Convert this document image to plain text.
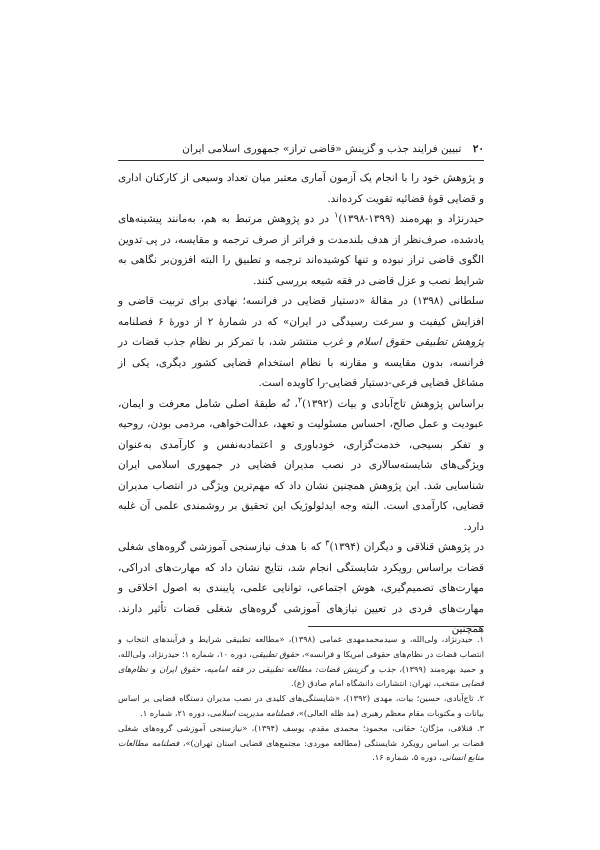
۲۰ تبیین فرایند جذب و گزینش «قاضی تراز» جمهوری اسلامی ایران

و پژوهش خود را با انجام یک آزمون آماری معتبر میان تعداد وسیعی از کارکنان اداری و قضایی قوۀ قضائیه تقویت کرده‌اند.

حیدرنژاد و بهره‌مند (۱۳۹۹-۱۳۹۸)$^۱$ در دو پژوهش مرتبط به هم، به‌مانند پیشینه‌های یادشده، صرف‌نظر از هدف بلندمدت و فراتر از صرف ترجمه و مقایسه، در پی تدوین الگوی قاضی تراز نبوده و تنها کوشیده‌اند ترجمه و تطبیق را البته افزون‌بر نگاهی به شرایط نصب و عزل قاضی در فقه شیعه بررسی کنند.

سلطانی (۱۳۹۸) در مقالۀ «دستیار قضایی در فرانسه؛ نهادی برای تربیت قاضی و افزایش کیفیت و سرعت رسیدگی در ایران» که در شمارۀ ۲ از دورۀ ۶ فصلنامه پژوهش تطبیقی حقوق اسلام و غرب منتشر شد، با تمرکز بر نظام جذب قضات در فرانسه، بدون مقایسه و مقارنه با نظام استخدام قضایی کشور دیگری، یکی از مشاغل قضایی فرعی-دستیار قضایی-را کاویده است.

براساس پژوهش تاج‌آبادی و بیات (۱۳۹۲)$^۲$، نُه طبقۀ اصلی شامل معرفت و ایمان، عبودیت و عمل صالح، احساس مسئولیت و تعهد، عدالت‌خواهی، مردمی بودن، روحیه و تفکر بسیجی، خدمت‌گزاری، خودباوری و اعتمادبه‌نفس و کارآمدی به‌عنوان ویژگی‌های شایسته‌سالاری در نصب مدیران قضایی در جمهوری اسلامی ایران شناسایی شد. این پژوهش همچنین نشان داد که مهم‌ترین ویژگی در انتصاب مدیران قضایی، کارآمدی است. البته وجه ایدئولوژیک این تحقیق بر روشمندی علمی آن غلبه دارد.

در پژوهش قنلاقی و دیگران (۱۳۹۴)$^۳$ که با هدف نیازسنجی آموزشی گروه‌های شغلی قضات براساس رویکرد شایستگی انجام شد، نتایج نشان داد که مهارت‌های ادراکی، مهارت‌های تصمیم‌گیری، هوش اجتماعی، توانایی علمی، پایبندی به اصول اخلاقی و مهارت‌های فردی در تعیین نیازهای آموزشی گروه‌های شغلی قضات تأثیر دارند. همچنین

۱. حیدرنژاد، ولی‌الله، و سیدمحمدمهدی غمامی (۱۳۹۸)، «مطالعه تطبیقی شرایط و فرآیندهای انتخاب و انتصاب قضات در نظام‌های حقوقی امریکا و فرانسه»، حقوق تطبیقی، دوره ۱۰، شماره ۱؛ حیدرنژاد، ولی‌الله، و حمید بهره‌مند (۱۳۹۹)، جذب و گزینش قضات: مطالعه تطبیقی در فقه امامیه، حقوق ایران و نظام‌های قضایی منتخب، تهران: انتشارات دانشگاه امام صادق (ع).

۲. تاج‌آبادی، حسین؛ بیات، مهدی (۱۳۹۲)، «شایستگی‌های کلیدی در نصب مدیران دستگاه قضایی بر اساس بیانات و مکتوبات مقام معظم رهبری (مد ظله العالی)»، فصلنامه مدیریت اسلامی، دوره ۲۱، شماره ۱.

۳. قنلاقی، مژگان؛ حقانی، محمود؛ محمدی مقدم، یوسف (۱۳۹۴)، «نیازسنجی آموزشی گروه‌های شغلی قضات بر اساس رویکرد شایستگی (مطالعه موردی: مجتمع‌های قضایی استان تهران)»، فصلنامه مطالعات منابع انسانی، دوره ۵، شماره ۱۶.
